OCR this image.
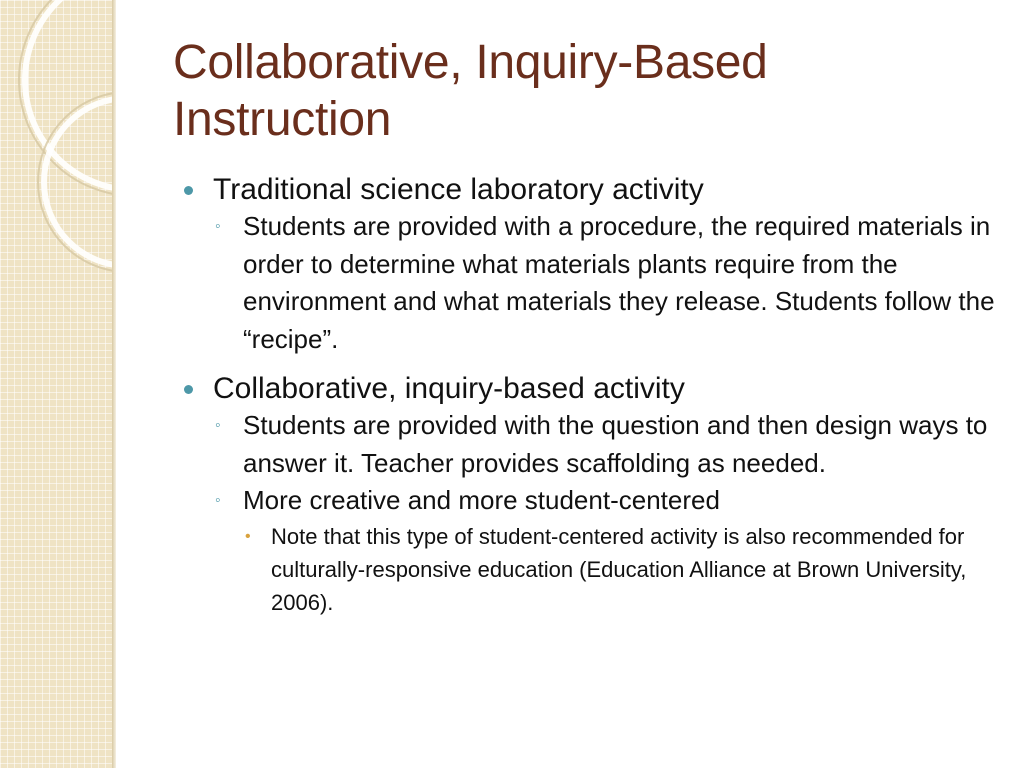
Collaborative, Inquiry-Based Instruction
Traditional science laboratory activity
◦ Students are provided with a procedure, the required materials in order to determine what materials plants require from the environment and what materials they release. Students follow the “recipe”.
Collaborative, inquiry-based activity
◦ Students are provided with the question and then design ways to answer it. Teacher provides scaffolding as needed.
◦ More creative and more student-centered
• Note that this type of student-centered activity is also recommended for culturally-responsive education (Education Alliance at Brown University, 2006).
